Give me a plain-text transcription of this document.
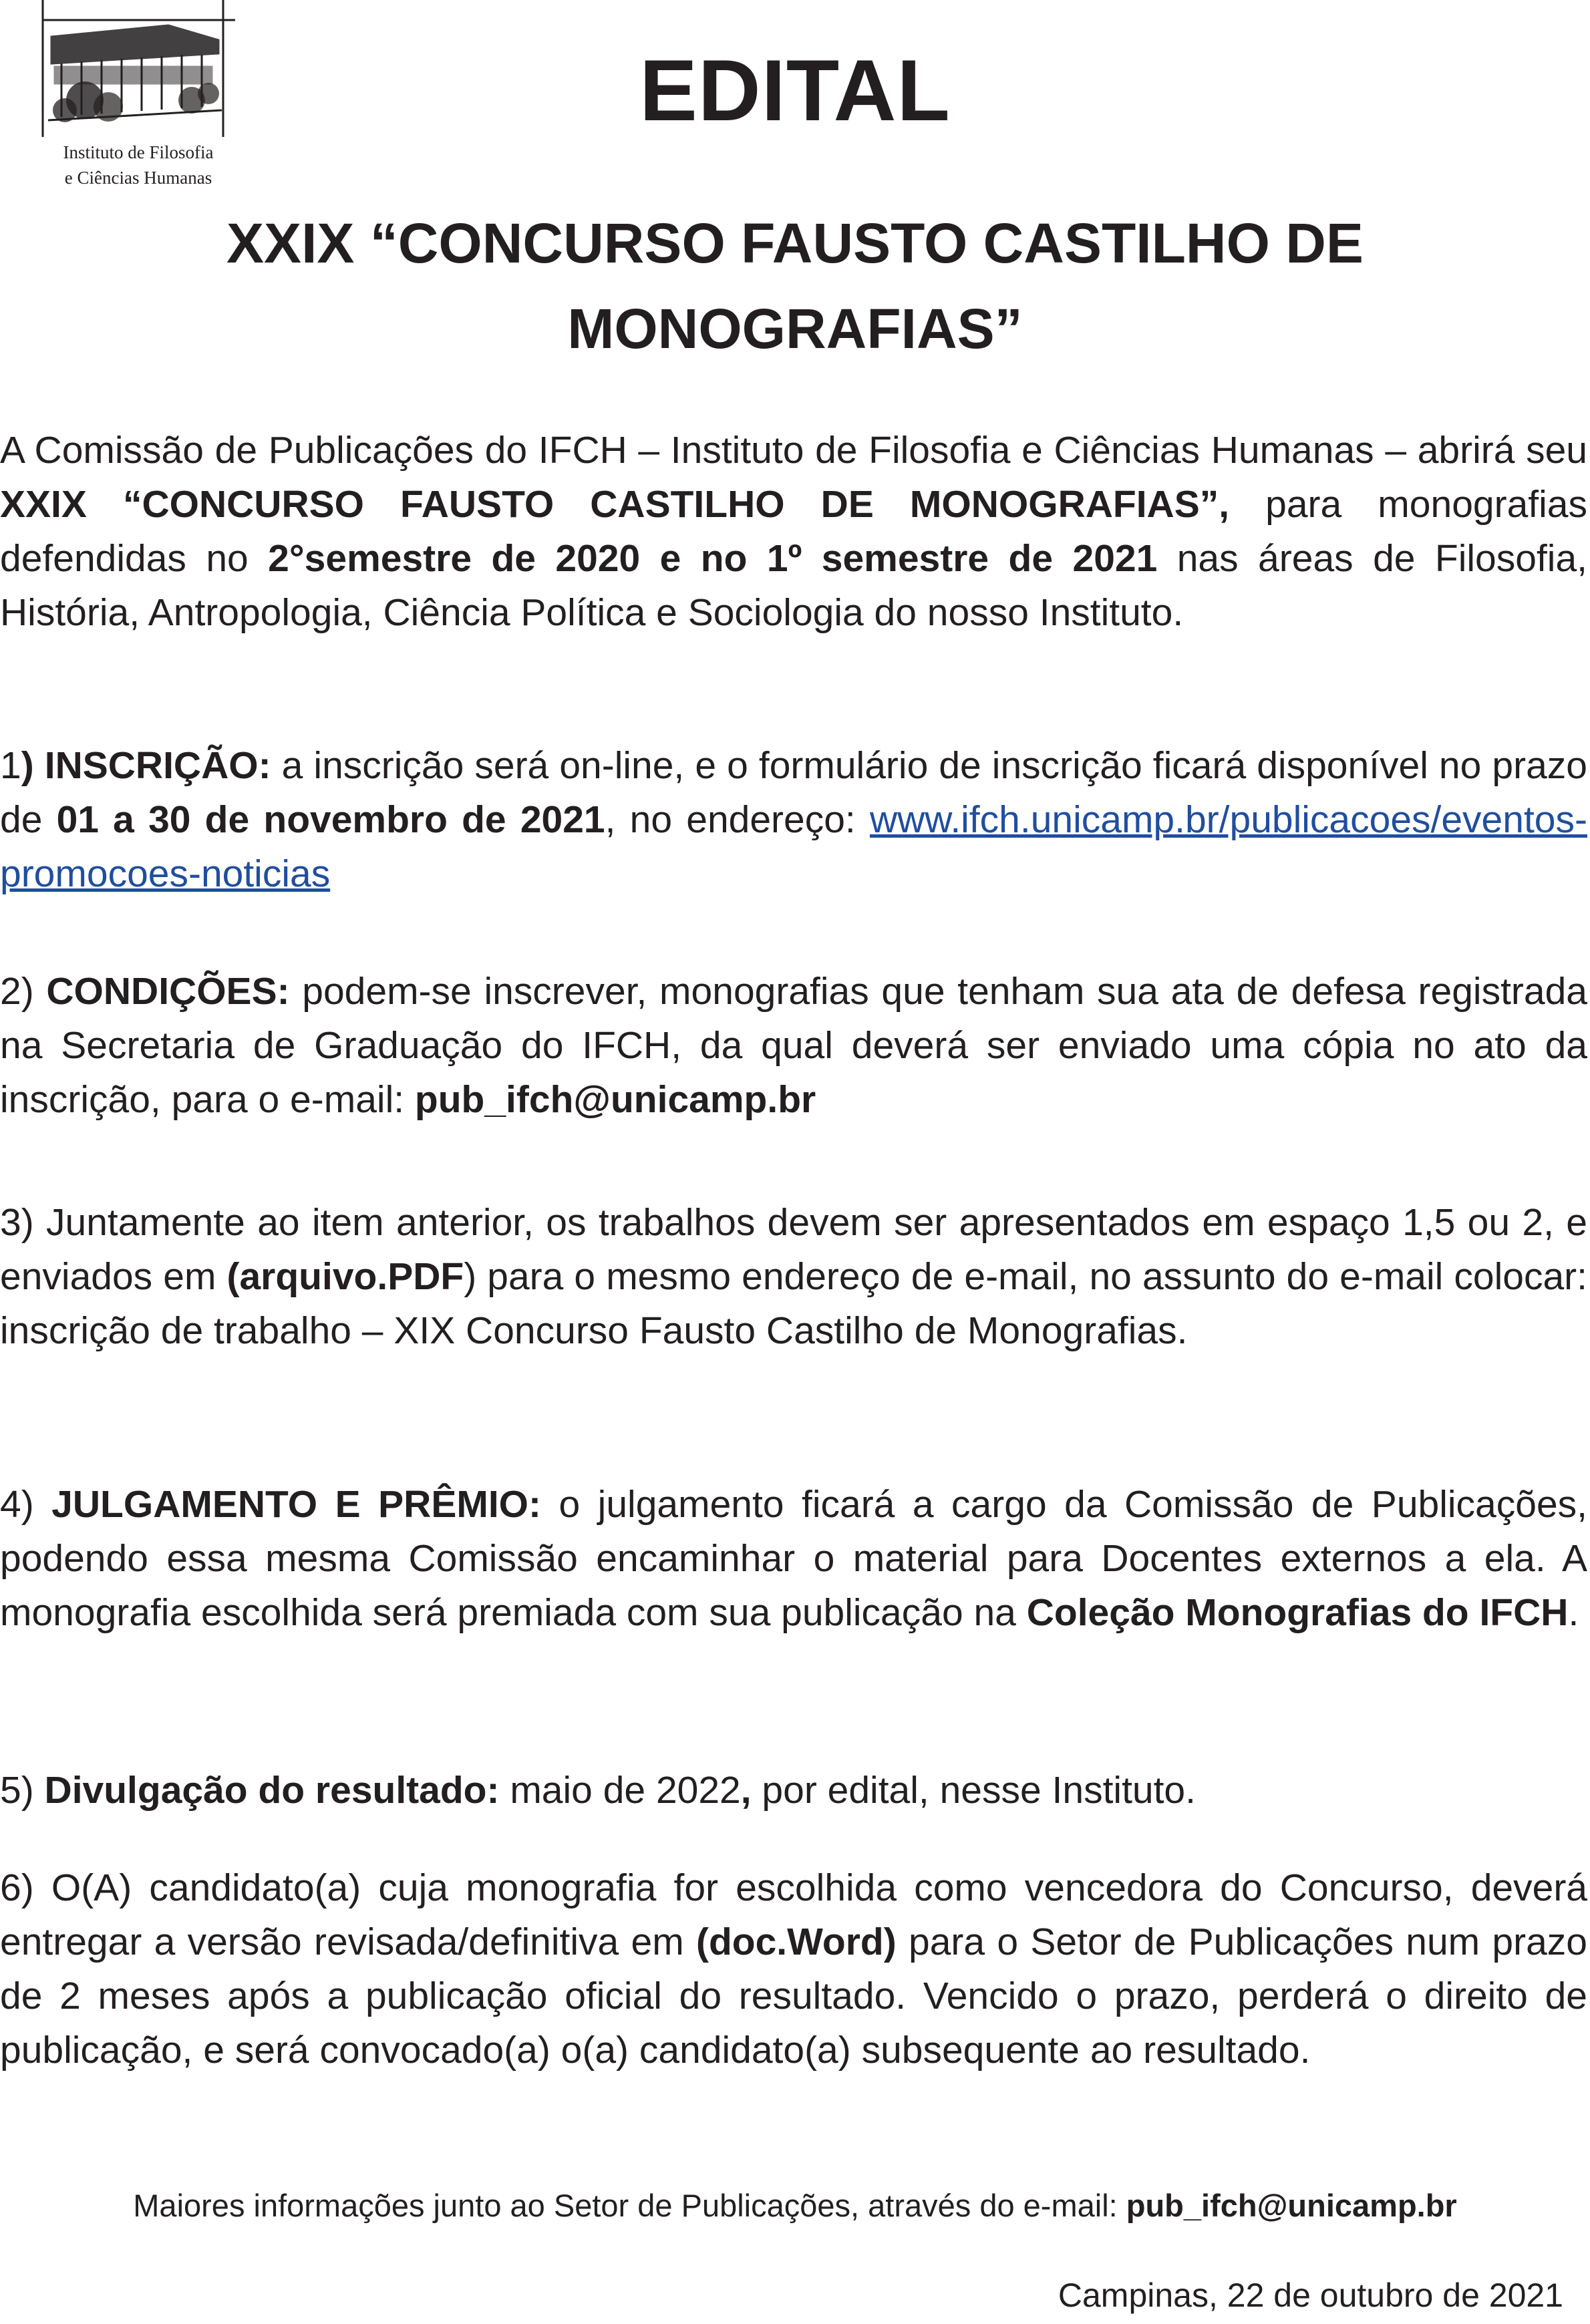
Instituto de Filosofia
e Ciências Humanas
EDITAL
XXIX “CONCURSO FAUSTO CASTILHO DE
MONOGRAFIAS”
A Comissão de Publicações do IFCH – Instituto de Filosofia e Ciências Humanas – abrirá seu XXIX “CONCURSO FAUSTO CASTILHO DE MONOGRAFIAS”, para monografias defendidas no 2°semestre de 2020 e no 1º semestre de 2021 nas áreas de Filosofia, História, Antropologia, Ciência Política e Sociologia do nosso Instituto.
1) INSCRIÇÃO: a inscrição será on-line, e o formulário de inscrição ficará disponível no prazo de 01 a 30 de novembro de 2021, no endereço: www.ifch.unicamp.br/publicacoes/eventos-promocoes-noticias
2) CONDIÇÕES: podem-se inscrever, monografias que tenham sua ata de defesa registrada na Secretaria de Graduação do IFCH, da qual deverá ser enviado uma cópia no ato da inscrição, para o e-mail: pub_ifch@unicamp.br
3) Juntamente ao item anterior, os trabalhos devem ser apresentados em espaço 1,5 ou 2, e enviados em (arquivo.PDF) para o mesmo endereço de e-mail, no assunto do e-mail colocar: inscrição de trabalho – XIX Concurso Fausto Castilho de Monografias.
4) JULGAMENTO E PRÊMIO: o julgamento ficará a cargo da Comissão de Publicações, podendo essa mesma Comissão encaminhar o material para Docentes externos a ela. A monografia escolhida será premiada com sua publicação na Coleção Monografias do IFCH.
5) Divulgação do resultado: maio de 2022, por edital, nesse Instituto.
6) O(A) candidato(a) cuja monografia for escolhida como vencedora do Concurso, deverá entregar a versão revisada/definitiva em (doc.Word) para o Setor de Publicações num prazo de 2 meses após a publicação oficial do resultado. Vencido o prazo, perderá o direito de publicação, e será convocado(a) o(a) candidato(a) subsequente ao resultado.
Maiores informações junto ao Setor de Publicações, através do e-mail: pub_ifch@unicamp.br
Campinas, 22 de outubro de 2021
